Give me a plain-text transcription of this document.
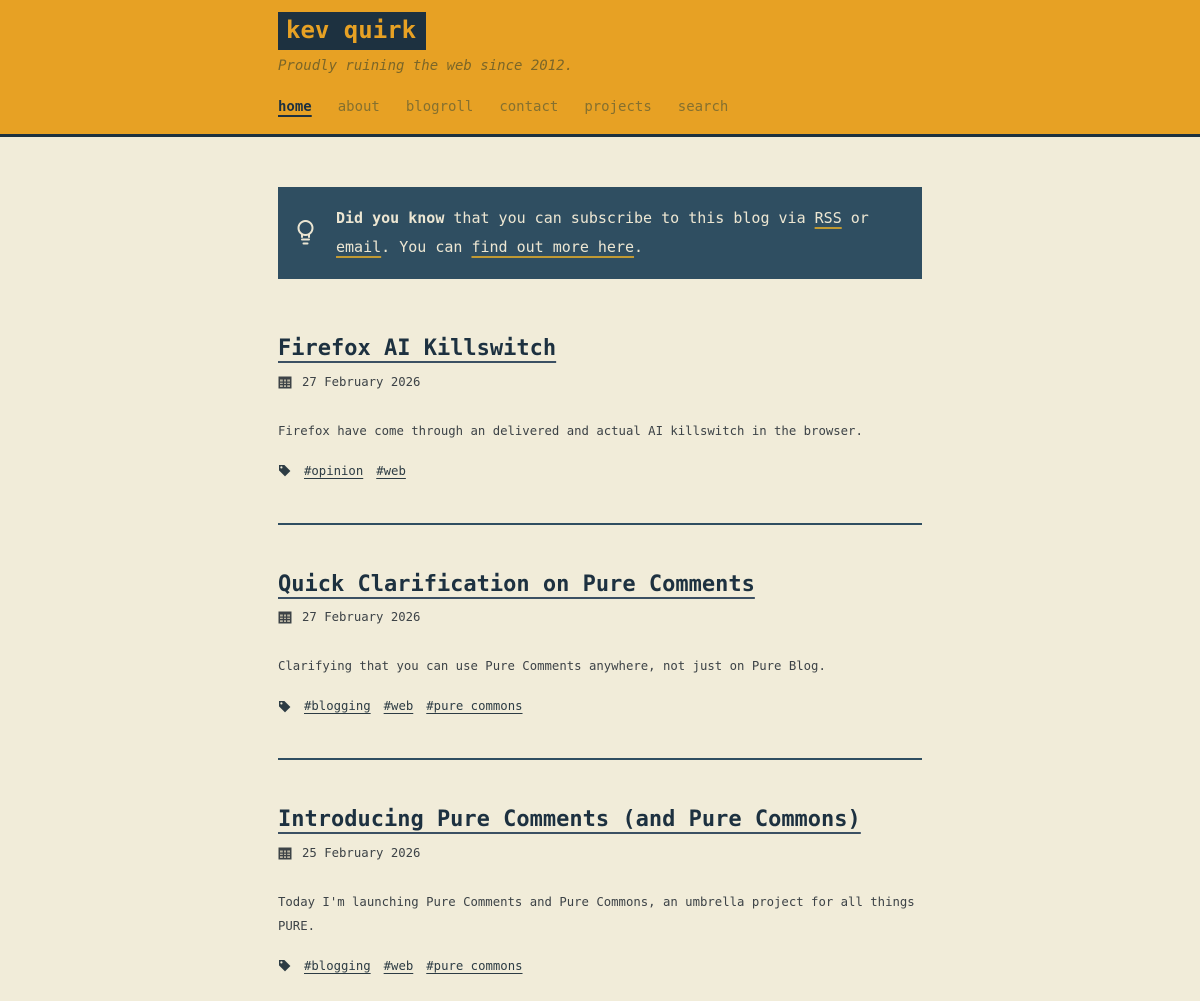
kev quirk

Proudly ruining the web since 2012.

home about blogroll contact projects search

Did you know that you can subscribe to this blog via RSS or email. You can find out more here.

Firefox AI Killswitch
27 February 2026

Firefox have come through an delivered and actual AI killswitch in the browser.

#opinion #web
Quick Clarification on Pure Comments
27 February 2026

Clarifying that you can use Pure Comments anywhere, not just on Pure Blog.

#blogging #web #pure commons
Introducing Pure Comments (and Pure Commons)
25 February 2026

Today I'm launching Pure Comments and Pure Commons, an umbrella project for all things PURE.

#blogging #web #pure commons
